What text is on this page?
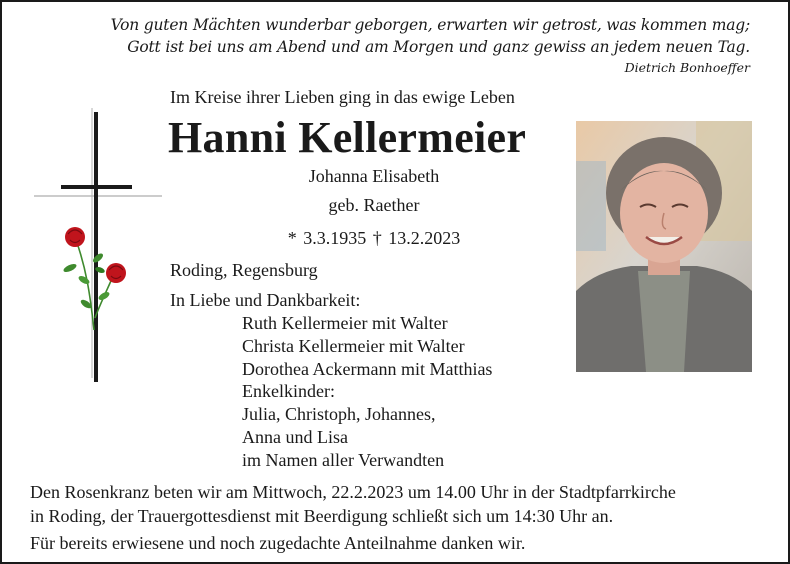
Von guten Mächten wunderbar geborgen, erwarten wir getrost, was kommen mag;
Gott ist bei uns am Abend und am Morgen und ganz gewiss an jedem neuen Tag.
Dietrich Bonhoeffer
Im Kreise ihrer Lieben ging in das ewige Leben
Hanni Kellermeier
Johanna Elisabeth
geb. Raether
* 3.3.1935 † 13.2.2023
Roding, Regensburg
In Liebe und Dankbarkeit:
Ruth Kellermeier mit Walter
Christa Kellermeier mit Walter
Dorothea Ackermann mit Matthias
Enkelkinder:
Julia, Christoph, Johannes,
Anna und Lisa
im Namen aller Verwandten
Den Rosenkranz beten wir am Mittwoch, 22.2.2023 um 14.00 Uhr in der Stadtpfarrkirche
in Roding, der Trauergottesdienst mit Beerdigung schließt sich um 14:30 Uhr an.
Für bereits erwiesene und noch zugedachte Anteilnahme danken wir.
